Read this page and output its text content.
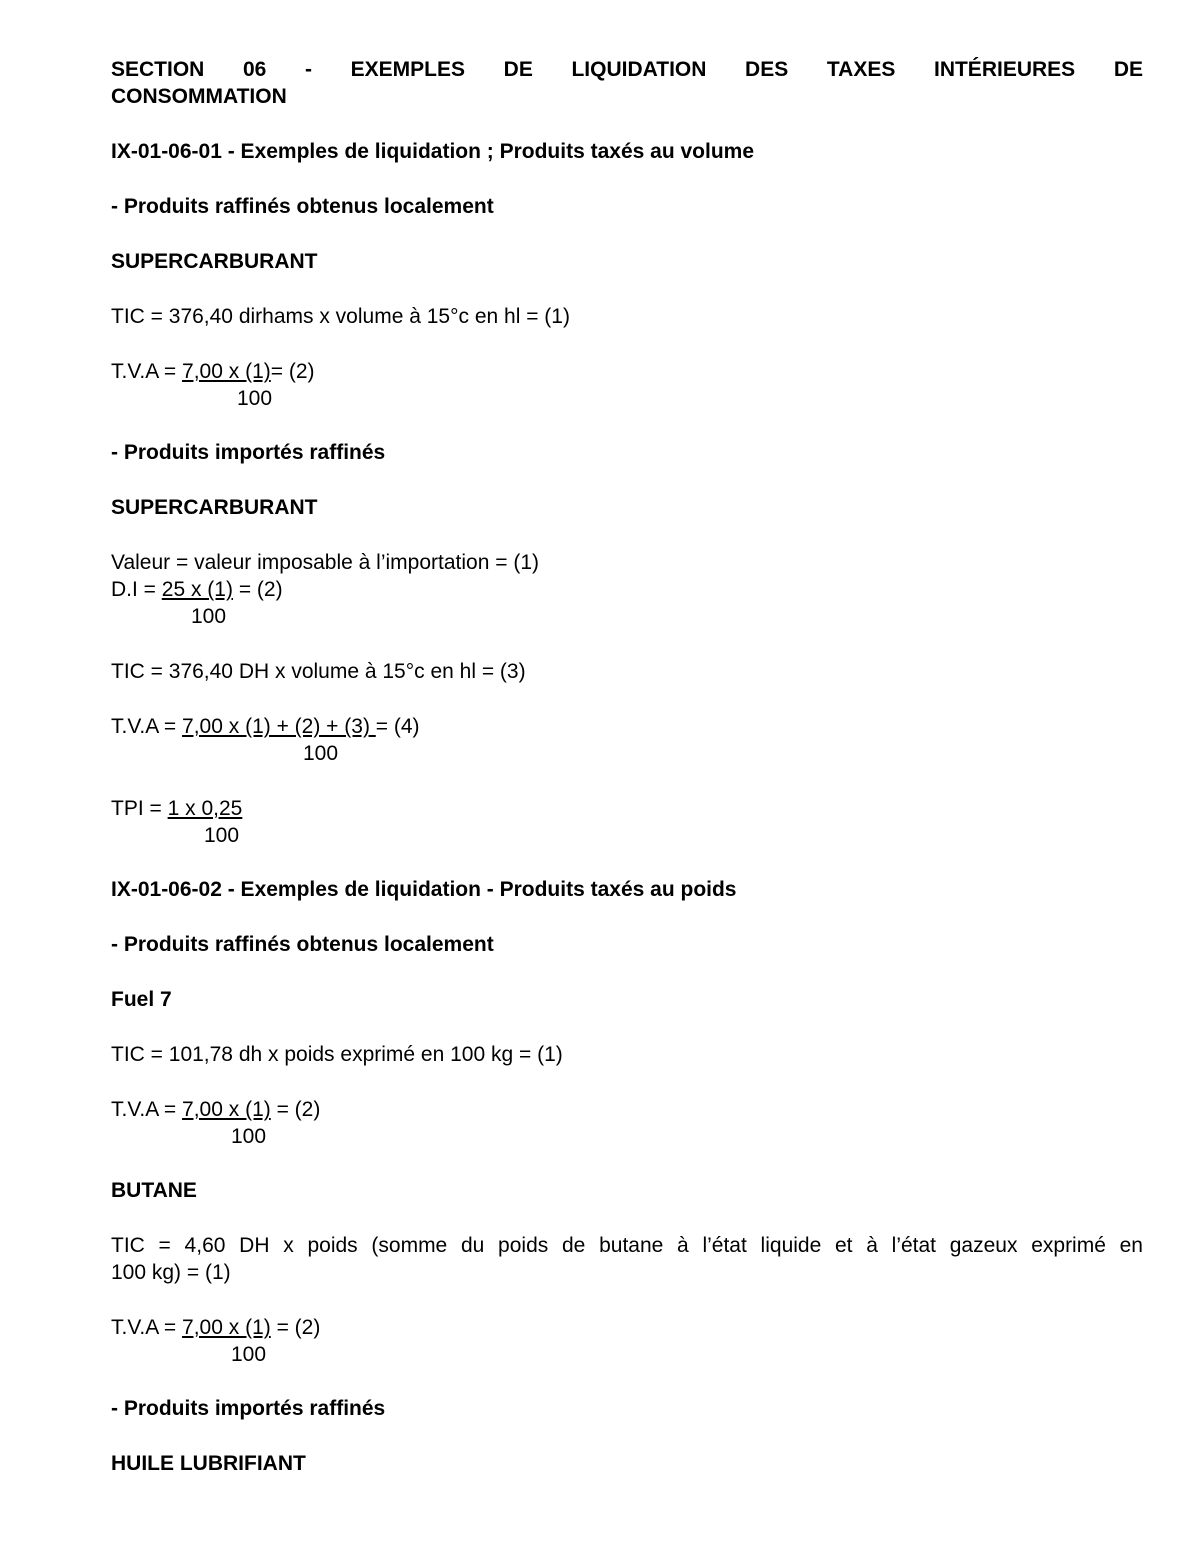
SECTION 06 - EXEMPLES DE LIQUIDATION DES TAXES INTÉRIEURES DE
CONSOMMATION
IX-01-06-01 - Exemples de liquidation ; Produits taxés au volume
- Produits raffinés obtenus localement
SUPERCARBURANT
TIC = 376,40 dirhams x volume à 15°c en hl = (1)
T.V.A = 7,00 x (1)= (2)
100
- Produits importés raffinés
SUPERCARBURANT
Valeur = valeur imposable à l’importation = (1)
D.I = 25 x (1) = (2)
100
TIC = 376,40 DH x volume à 15°c en hl = (3)
T.V.A = 7,00 x (1) + (2) + (3) = (4)
100
TPI = 1 x 0,25
100
IX-01-06-02 - Exemples de liquidation - Produits taxés au poids
- Produits raffinés obtenus localement
Fuel 7
TIC = 101,78 dh x poids exprimé en 100 kg = (1)
T.V.A = 7,00 x (1) = (2)
100
BUTANE
TIC = 4,60 DH x poids (somme du poids de butane à l’état liquide et à l’état gazeux exprimé en
100 kg) = (1)
T.V.A = 7,00 x (1) = (2)
100
- Produits importés raffinés
HUILE LUBRIFIANT
